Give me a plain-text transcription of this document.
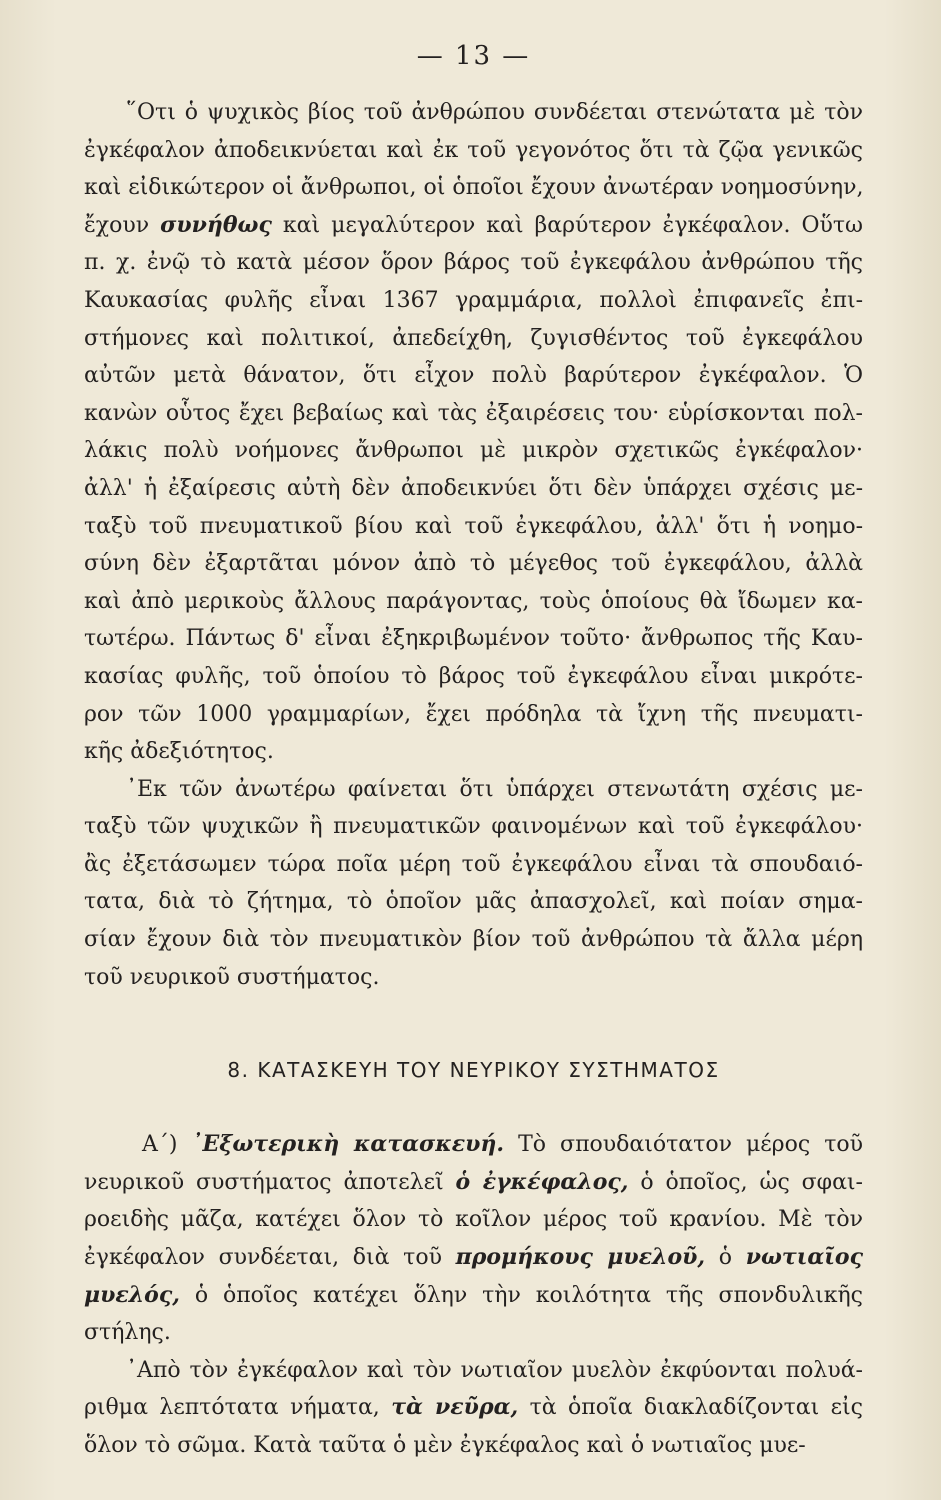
— 13 —

῞Οτι ὁ ψυχικὸς βίος τοῦ ἀνθρώπου συνδέεται στενώτατα μὲ τὸν
ἐγκέφαλον ἀποδεικνύεται καὶ ἐκ τοῦ γεγονότος ὅτι τὰ ζῷα γενικῶς
καὶ εἰδικώτερον οἱ ἄνθρωποι, οἱ ὁποῖοι ἔχουν ἀνωτέραν νοημοσύνην,
ἔχουν συνήθως καὶ μεγαλύτερον καὶ βαρύτερον ἐγκέφαλον. Οὕτω
π. χ. ἐνῷ τὸ κατὰ μέσον ὅρον βάρος τοῦ ἐγκεφάλου ἀνθρώπου τῆς
Καυκασίας φυλῆς εἶναι 1367 γραμμάρια, πολλοὶ ἐπιφανεῖς ἐπι-
στήμονες καὶ πολιτικοί, ἀπεδείχθη, ζυγισθέντος τοῦ ἐγκεφάλου
αὐτῶν μετὰ θάνατον, ὅτι εἶχον πολὺ βαρύτερον ἐγκέφαλον. Ὁ
κανὼν οὗτος ἔχει βεβαίως καὶ τὰς ἐξαιρέσεις του· εὑρίσκονται πολ-
λάκις πολὺ νοήμονες ἄνθρωποι μὲ μικρὸν σχετικῶς ἐγκέφαλον·
ἀλλ' ἡ ἐξαίρεσις αὐτὴ δὲν ἀποδεικνύει ὅτι δὲν ὑπάρχει σχέσις με-
ταξὺ τοῦ πνευματικοῦ βίου καὶ τοῦ ἐγκεφάλου, ἀλλ' ὅτι ἡ νοημο-
σύνη δὲν ἐξαρτᾶται μόνον ἀπὸ τὸ μέγεθος τοῦ ἐγκεφάλου, ἀλλὰ
καὶ ἀπὸ μερικοὺς ἄλλους παράγοντας, τοὺς ὁποίους θὰ ἴδωμεν κα-
τωτέρω. Πάντως δ' εἶναι ἐξηκριβωμένον τοῦτο· ἄνθρωπος τῆς Καυ-
κασίας φυλῆς, τοῦ ὁποίου τὸ βάρος τοῦ ἐγκεφάλου εἶναι μικρότε-
ρον τῶν 1000 γραμμαρίων, ἔχει πρόδηλα τὰ ἴχνη τῆς πνευματι-
κῆς ἀδεξιότητος.

᾿Εκ τῶν ἀνωτέρω φαίνεται ὅτι ὑπάρχει στενωτάτη σχέσις με-
ταξὺ τῶν ψυχικῶν ἢ πνευματικῶν φαινομένων καὶ τοῦ ἐγκεφάλου·
ἂς ἐξετάσωμεν τώρα ποῖα μέρη τοῦ ἐγκεφάλου εἶναι τὰ σπουδαιό-
τατα, διὰ τὸ ζήτημα, τὸ ὁποῖον μᾶς ἀπασχολεῖ, καὶ ποίαν σημα-
σίαν ἔχουν διὰ τὸν πνευματικὸν βίον τοῦ ἀνθρώπου τὰ ἄλλα μέρη
τοῦ νευρικοῦ συστήματος.

8. ΚΑΤΑΣΚΕΥΗ ΤΟΥ ΝΕΥΡΙΚΟΥ ΣΥΣΤΗΜΑΤΟΣ

Α΄) ᾿Εξωτερικὴ κατασκευή. Τὸ σπουδαιότατον μέρος τοῦ
νευρικοῦ συστήματος ἀποτελεῖ ὁ ἐγκέφαλος, ὁ ὁποῖος, ὡς σφαι-
ροειδὴς μᾶζα, κατέχει ὅλον τὸ κοῖλον μέρος τοῦ κρανίου. Μὲ τὸν
ἐγκέφαλον συνδέεται, διὰ τοῦ προμήκους μυελοῦ, ὁ νωτιαῖος
μυελός, ὁ ὁποῖος κατέχει ὅλην τὴν κοιλότητα τῆς σπονδυλικῆς
στήλης.

᾿Απὸ τὸν ἐγκέφαλον καὶ τὸν νωτιαῖον μυελὸν ἐκφύονται πολυά-
ριθμα λεπτότατα νήματα, τὰ νεῦρα, τὰ ὁποῖα διακλαδίζονται εἰς
ὅλον τὸ σῶμα. Κατὰ ταῦτα ὁ μὲν ἐγκέφαλος καὶ ὁ νωτιαῖος μυε-
